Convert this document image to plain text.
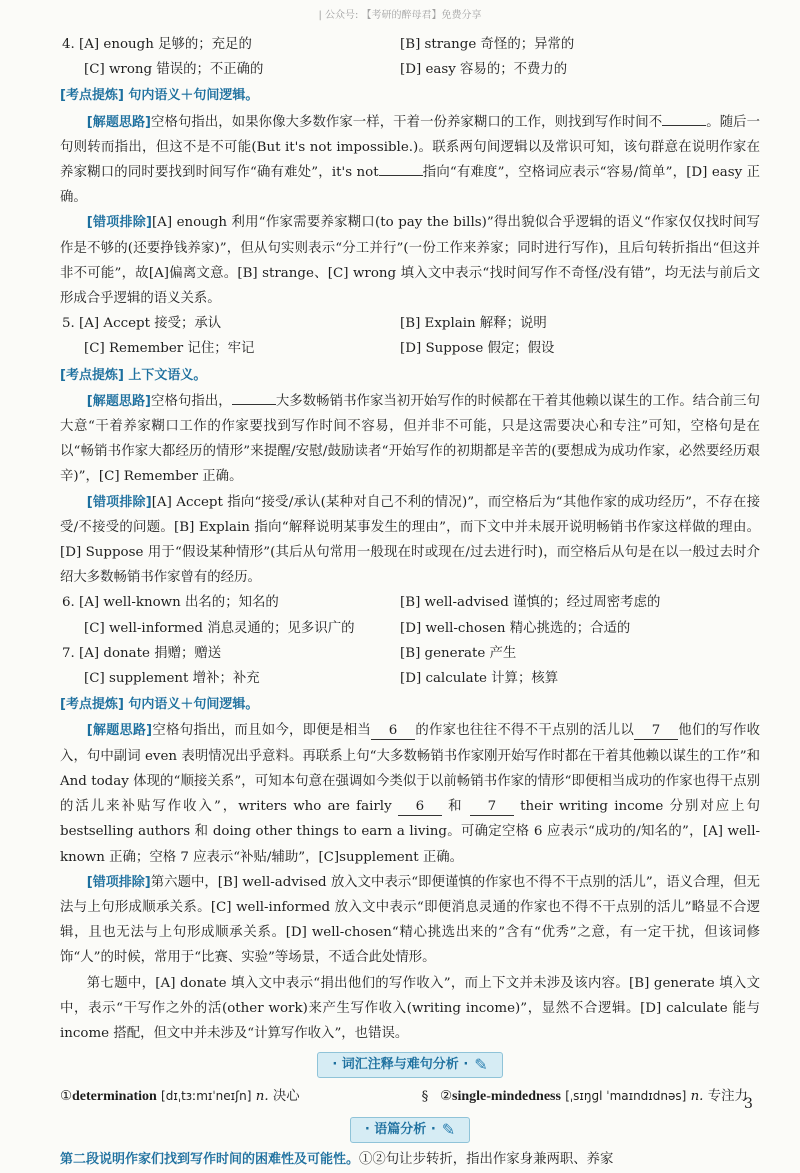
| 公众号: 【考研的醉母君】免费分享
4. [A] enough 足够的；充足的	[B] strange 奇怪的；异常的
[C] wrong 错误的；不正确的	[D] easy 容易的；不费力的
[考点提炼] 句内语义＋句间逻辑。

[解题思路]空格句指出，如果你像大多数作家一样，干着一份养家糊口的工作，则找到写作时间不	。随后一句则转而指出，但这不是不可能(But it's not impossible.)。联系两句间逻辑以及常识可知，该句群意在说明作家在养家糊口的同时要找到时间写作“确有难处”，it's not	指向“有难度”，空格词应表示“容易/简单”，[D] easy 正确。

[错项排除][A] enough 利用“作家需要养家糊口(to pay the bills)”得出貌似合乎逻辑的语义“作家仅仅找时间写作是不够的(还要挣钱养家)”，但从句实则表示“分工并行”(一份工作来养家；同时进行写作)，且后句转折指出“但这并非不可能”，故[A]偏离文意。[B] strange、[C] wrong 填入文中表示“找时间写作不奇怪/没有错”，均无法与前后文形成合乎逻辑的语义关系。

5. [A] Accept 接受；承认	[B] Explain 解释；说明
[C] Remember 记住；牢记	[D] Suppose 假定；假设
[考点提炼] 上下文语义。

[解题思路]空格句指出，	大多数畅销书作家当初开始写作的时候都在干着其他赖以谋生的工作。结合前三句大意“干着养家糊口工作的作家要找到写作时间不容易，但并非不可能，只是这需要决心和专注”可知，空格句是在以“畅销书作家大都经历的情形”来提醒/安慰/鼓励读者“开始写作的初期都是辛苦的(要想成为成功作家，必然要经历艰辛)”，[C] Remember 正确。

[错项排除][A] Accept 指向“接受/承认(某种对自己不利的情况)”，而空格后为“其他作家的成功经历”，不存在接受/不接受的问题。[B] Explain 指向“解释说明某事发生的理由”，而下文中并未展开说明畅销书作家这样做的理由。[D] Suppose 用于“假设某种情形”(其后从句常用一般现在时或现在/过去进行时)，而空格后从句是在以一般过去时介绍大多数畅销书作家曾有的经历。

6. [A] well-known 出名的；知名的	[B] well-advised 谨慎的；经过周密考虑的
[C] well-informed 消息灵通的；见多识广的	[D] well-chosen 精心挑选的；合适的
7. [A] donate 捐赠；赠送	[B] generate 产生
[C] supplement 增补；补充	[D] calculate 计算；核算
[考点提炼] 句内语义＋句间逻辑。

[解题思路]空格句指出，而且如今，即便是相当 6 的作家也往往不得不干点别的活儿以 7 他们的写作收入，句中副词 even 表明情况出乎意料。再联系上句“大多数畅销书作家刚开始写作时都在干着其他赖以谋生的工作”和 And today 体现的“顺接关系”，可知本句意在强调如今类似于以前畅销书作家的情形“即便相当成功的作家也得干点别的活儿来补贴写作收入”，writers who are fairly 6 和 7 their writing income 分别对应上句 bestselling authors 和 doing other things to earn a living。可确定空格 6 应表示“成功的/知名的”，[A] well-known 正确；空格 7 应表示“补贴/辅助”，[C]supplement 正确。

[错项排除]第六题中，[B] well-advised 放入文中表示“即便谨慎的作家也不得不干点别的活儿”，语义合理，但无法与上句形成顺承关系。[C] well-informed 放入文中表示“即便消息灵通的作家也不得不干点别的活儿”略显不合逻辑，且也无法与上句形成顺承关系。[D] well-chosen“精心挑选出来的”含有“优秀”之意，有一定干扰，但该词修饰“人”的时候，常用于“比赛、实验”等场景，不适合此处情形。

第七题中，[A] donate 填入文中表示“捐出他们的写作收入”，而上下文并未涉及该内容。[B] generate 填入文中，表示“干写作之外的活(other work)来产生写作收入(writing income)”，显然不合逻辑。[D] calculate 能与 income 搭配，但文中并未涉及“计算写作收入”，也错误。

· 词汇注释与难句分析 · ✎
①determination [dɪˌtɜːmɪˈneɪʃn] n. 决心	§ ②single-mindedness [ˌsɪŋɡl ˈmaɪndɪdnəs] n. 专注力
· 语篇分析 · ✎

第二段说明作家们找到写作时间的困难性及可能性。①②句让步转折，指出作家身兼两职、养家

3
